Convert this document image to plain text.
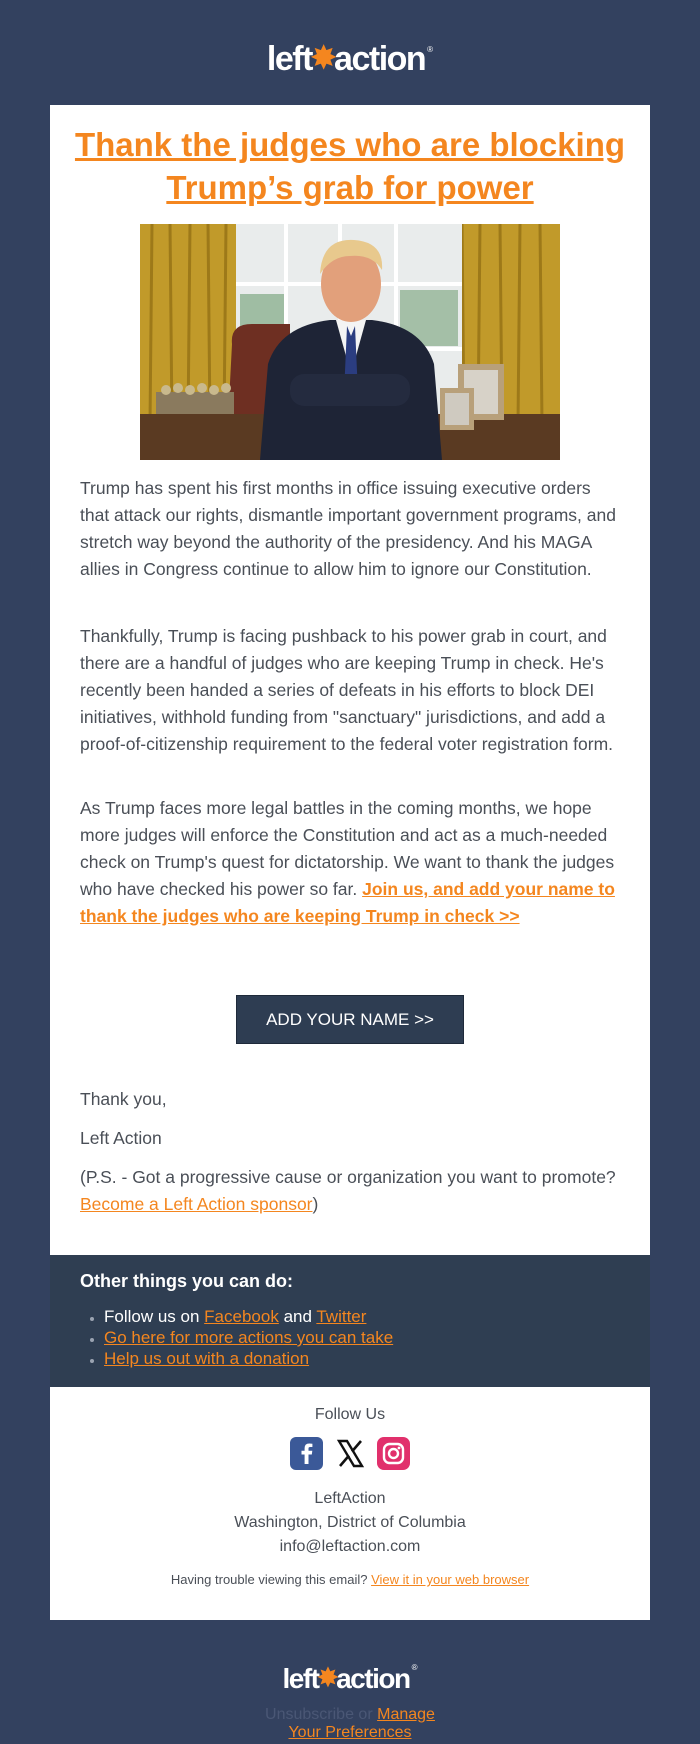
left✸action ®
Thank the judges who are blocking Trump’s grab for power

Trump has spent his first months in office issuing executive orders that attack our rights, dismantle important government programs, and stretch way beyond the authority of the presidency. And his MAGA allies in Congress continue to allow him to ignore our Constitution.

Thankfully, Trump is facing pushback to his power grab in court, and there are a handful of judges who are keeping Trump in check. He's recently been handed a series of defeats in his efforts to block DEI initiatives, withhold funding from "sanctuary" jurisdictions, and add a proof-of-citizenship requirement to the federal voter registration form.

As Trump faces more legal battles in the coming months, we hope more judges will enforce the Constitution and act as a much-needed check on Trump's quest for dictatorship. We want to thank the judges who have checked his power so far. Join us, and add your name to thank the judges who are keeping Trump in check >>

ADD YOUR NAME >>

Thank you,

Left Action

(P.S. - Got a progressive cause or organization you want to promote? Become a Left Action sponsor)

Other things you can do:
• Follow us on Facebook and Twitter
• Go here for more actions you can take
• Help us out with a donation
Follow Us

LeftAction
Washington, District of Columbia
info@leftaction.com
Having trouble viewing this email? View it in your web browser
left✸action ®
Unsubscribe or Manage
Your Preferences
